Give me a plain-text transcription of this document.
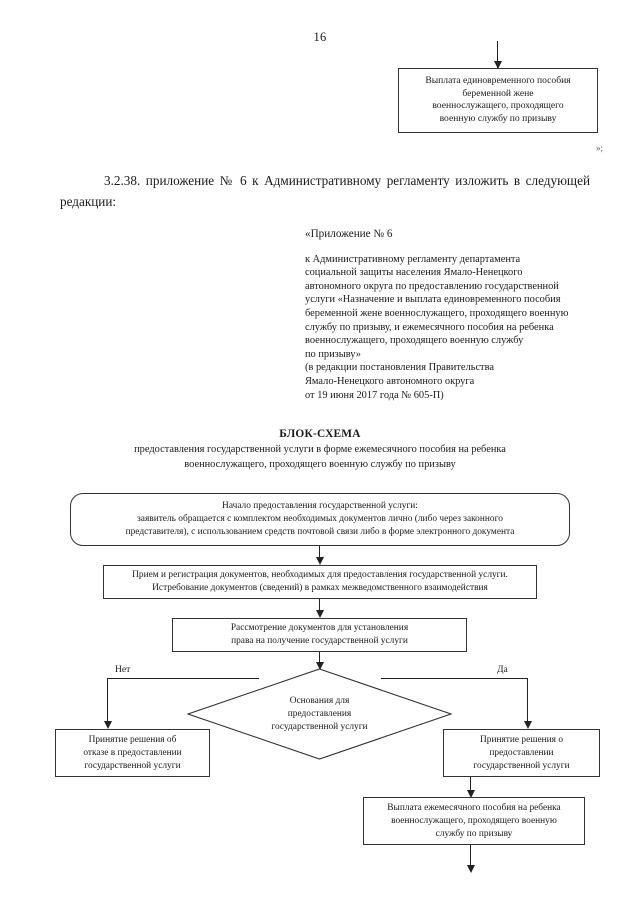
16
Выплата единовременного пособия
беременной жене
военнослужащего, проходящего
военную службу по призыву
»;
3.2.38. приложение № 6 к Административному регламенту изложить в следующей редакции:
«Приложение № 6

к Административному регламенту департамента

социальной защиты населения Ямало-Ненецкого

автономного округа по предоставлению государственной

услуги «Назначение и выплата единовременного пособия

беременной жене военнослужащего, проходящего военную

службу по призыву, и ежемесячного пособия на ребенка

военнослужащего, проходящего военную службу

по призыву»

(в редакции постановления Правительства

Ямало-Ненецкого автономного округа

от 19 июня 2017 года № 605-П)

БЛОК-СХЕМА
предоставления государственной услуги в форме ежемесячного пособия на ребенка
военнослужащего, проходящего военную службу по призыву
Начало предоставления государственной услуги:
заявитель обращается с комплектом необходимых документов лично (либо через законного
представителя), с использованием средств почтовой связи либо в форме электронного документа
Прием и регистрация документов, необходимых для предоставления государственной услуги.
Истребование документов (сведений) в рамках межведомственного взаимодействия
Рассмотрение документов для установления
права на получение государственной услуги
Основания для
предоставления
государственной услуги
Нет	Да
Принятие решения об
отказе в предоставлении
государственной услуги
Принятие решения о
предоставлении
государственной услуги
Выплата ежемесячного пособия на ребенка
военнослужащего, проходящего военную
службу по призыву
